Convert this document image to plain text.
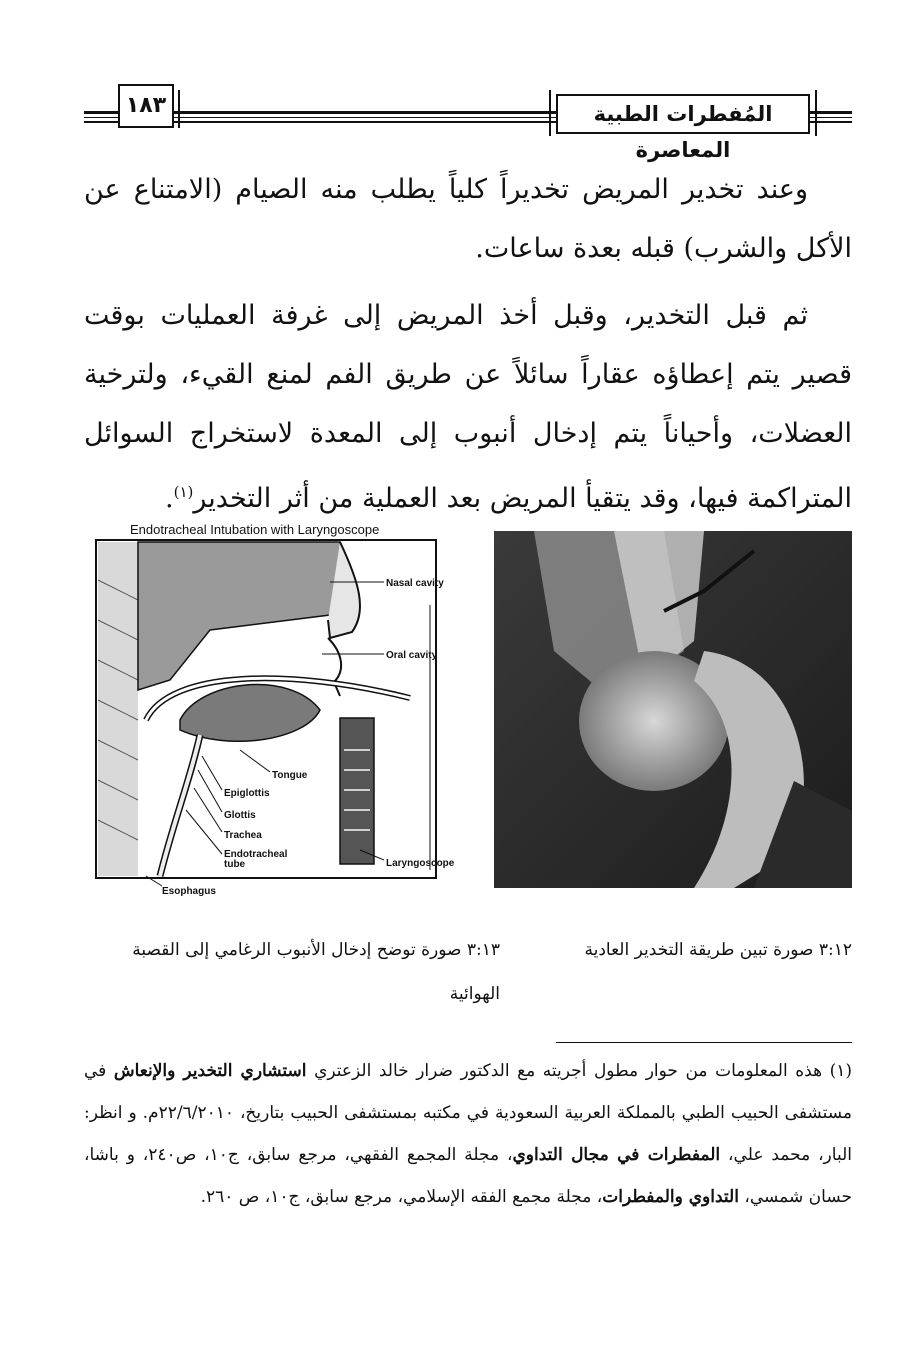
١٨٣	المُفطرات الطبية المعاصرة

وعند تخدير المريض تخديراً كلياً يطلب منه الصيام (الامتناع عن الأكل والشرب) قبله بعدة ساعات.

ثم قبل التخدير، وقبل أخذ المريض إلى غرفة العمليات بوقت قصير يتم إعطاؤه عقاراً سائلاً عن طريق الفم لمنع القيء، ولترخية العضلات، وأحياناً يتم إدخال أنبوب إلى المعدة لاستخراج السوائل المتراكمة فيها، وقد يتقيأ المريض بعد العملية من أثر التخدير$^{(١)}$.

Endotracheal Intubation with Laryngoscope
Nasal cavity
Oral cavity
Tongue
Epiglottis
Glottis
Trachea
Endotracheal
tube	Laryngoscope
Esophagus
٣:١٢ صورة تبين طريقة التخدير العادية
٣:١٣ صورة توضح إدخال الأنبوب الرغامي إلى القصبة الهوائية
(١) هذه المعلومات من حوار مطول أجريته مع الدكتور ضرار خالد الزعتري استشاري التخدير والإنعاش في مستشفى الحبيب الطبي بالمملكة العربية السعودية في مكتبه بمستشفى الحبيب بتاريخ، ٢٢/٦/٢٠١٠م. و انظر: البار، محمد علي، المفطرات في مجال التداوي، مجلة المجمع الفقهي، مرجع سابق، ج١٠، ص٢٤٠، و باشا، حسان شمسي، التداوي والمفطرات، مجلة مجمع الفقه الإسلامي، مرجع سابق، ج١٠، ص ٢٦٠.
